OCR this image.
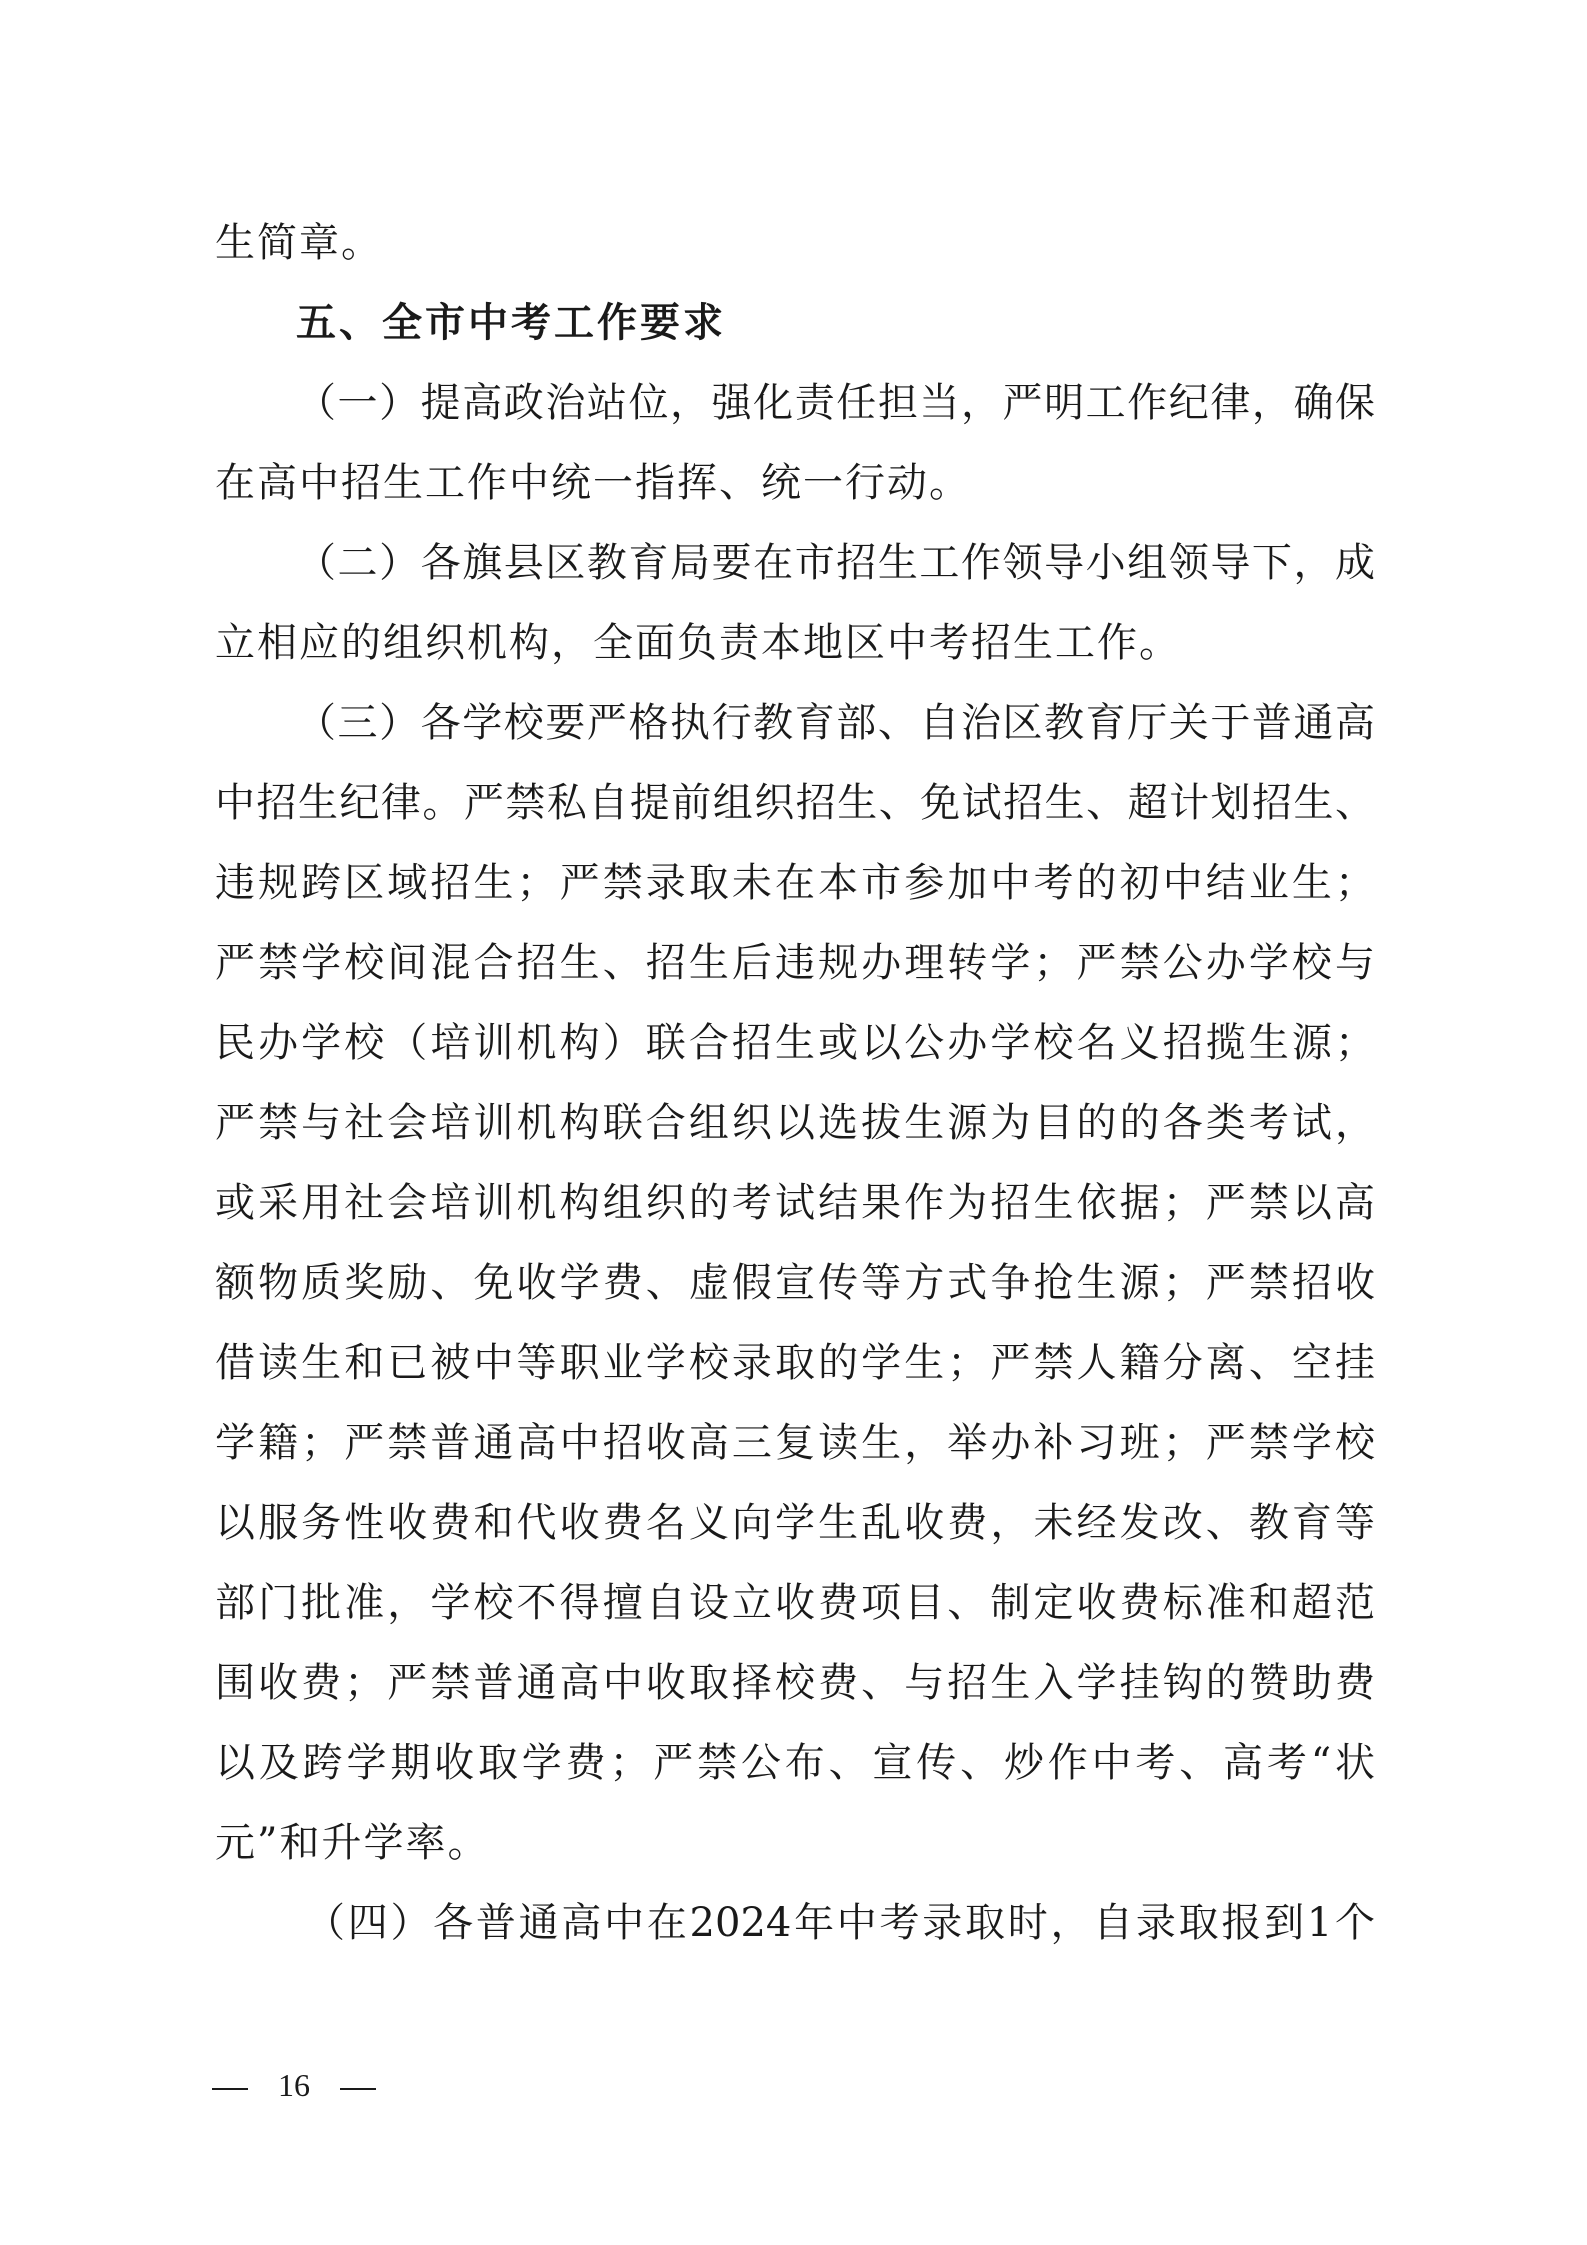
生简章。
五、全市中考工作要求
（一）提高政治站位，强化责任担当，严明工作纪律，确保
在高中招生工作中统一指挥、统一行动。
（二）各旗县区教育局要在市招生工作领导小组领导下，成
立相应的组织机构，全面负责本地区中考招生工作。
（三）各学校要严格执行教育部、自治区教育厅关于普通高
中招生纪律。严禁私自提前组织招生、免试招生、超计划招生、
违规跨区域招生；严禁录取未在本市参加中考的初中结业生；
严禁学校间混合招生、招生后违规办理转学；严禁公办学校与
民办学校（培训机构）联合招生或以公办学校名义招揽生源；
严禁与社会培训机构联合组织以选拔生源为目的的各类考试，
或采用社会培训机构组织的考试结果作为招生依据；严禁以高
额物质奖励、免收学费、虚假宣传等方式争抢生源；严禁招收
借读生和已被中等职业学校录取的学生；严禁人籍分离、空挂
学籍；严禁普通高中招收高三复读生，举办补习班；严禁学校
以服务性收费和代收费名义向学生乱收费，未经发改、教育等
部门批准，学校不得擅自设立收费项目、制定收费标准和超范
围收费；严禁普通高中收取择校费、与招生入学挂钩的赞助费
以及跨学期收取学费；严禁公布、宣传、炒作中考、高考“状
元”和升学率。
（四）各普通高中在2024年中考录取时，自录取报到1个
16
